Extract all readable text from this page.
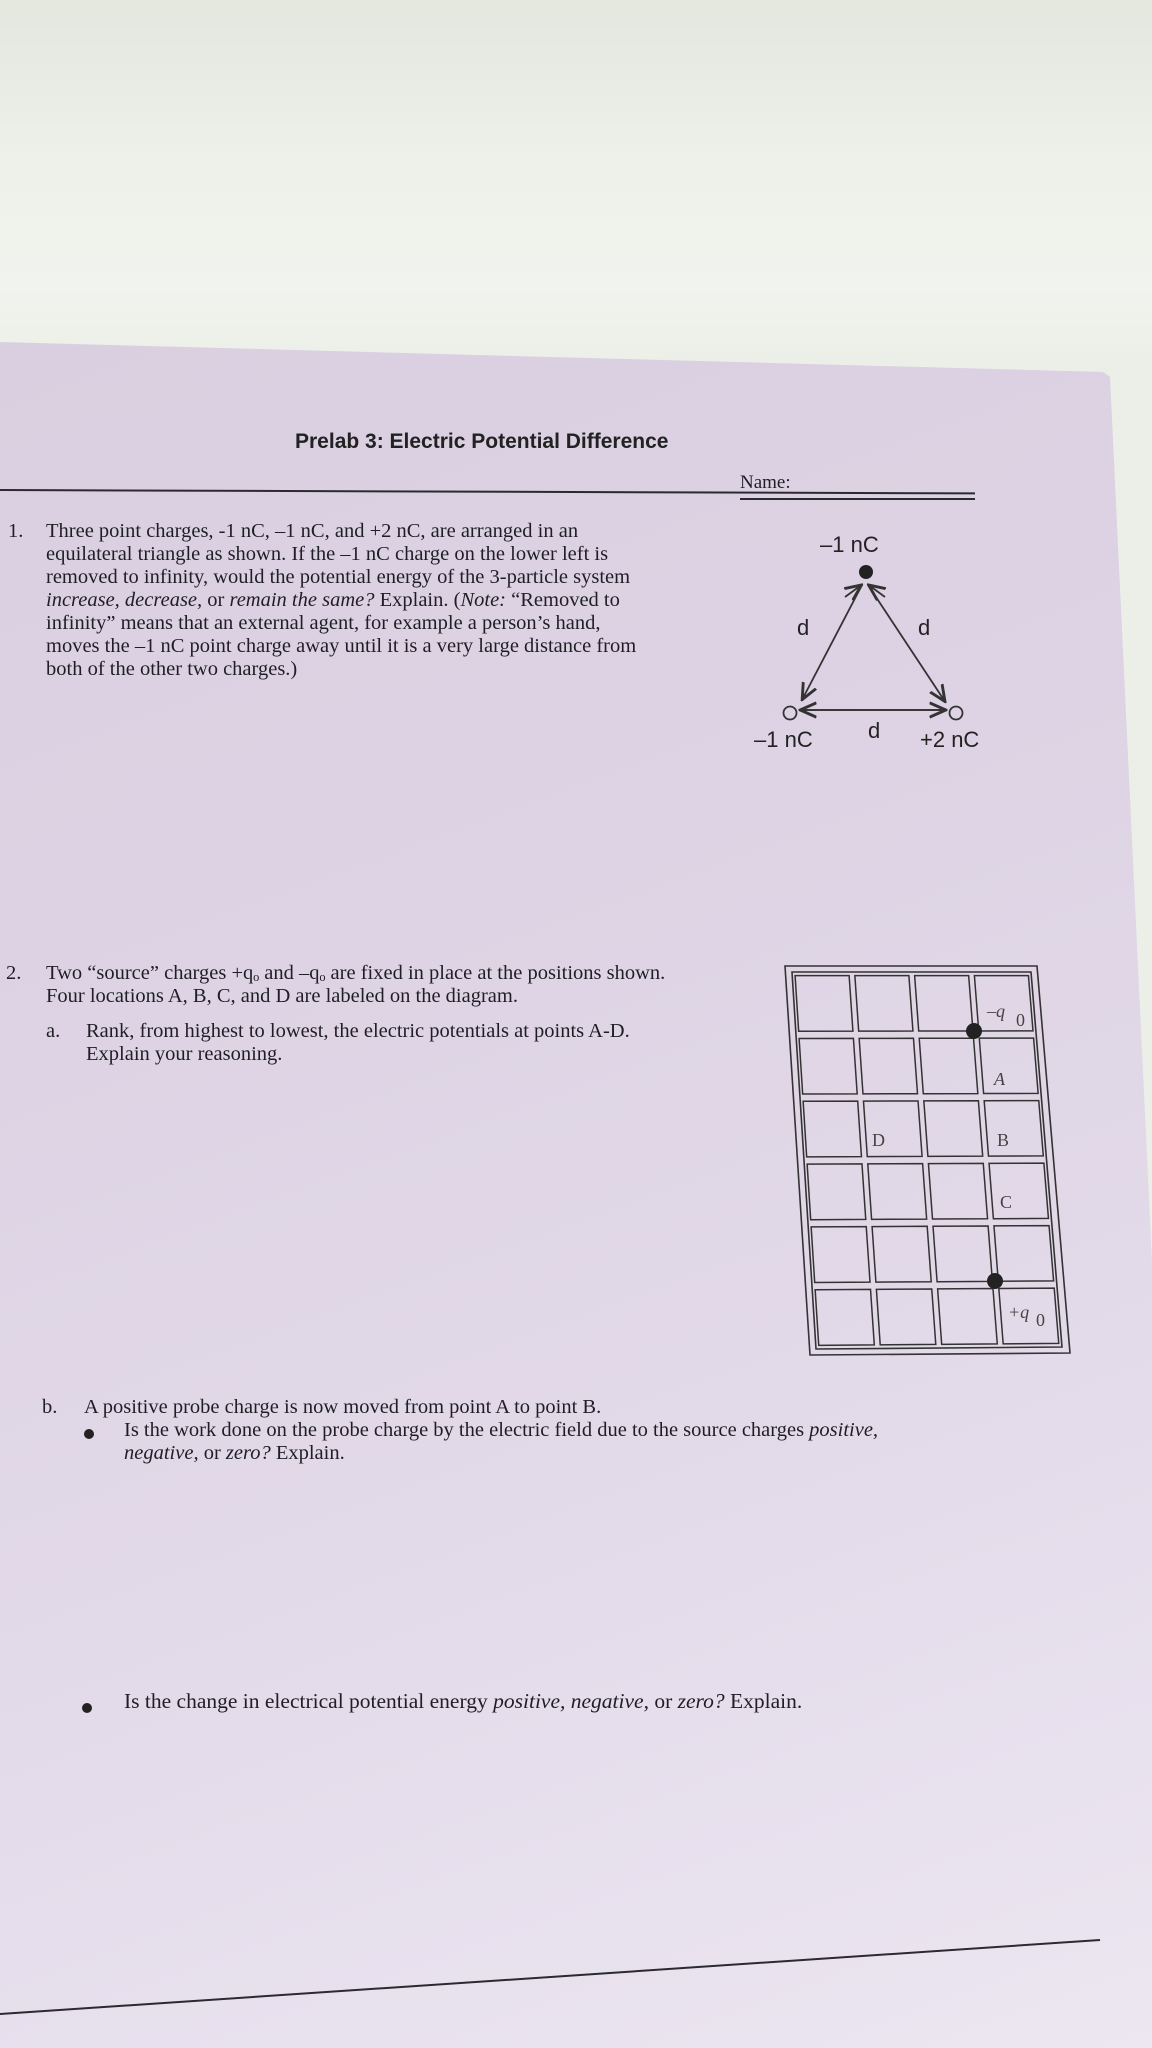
Prelab 3: Electric Potential Difference
Name:
1. Three point charges, -1 nC, –1 nC, and +2 nC, are arranged in an
equilateral triangle as shown. If the –1 nC charge on the lower left is
removed to infinity, would the potential energy of the 3-particle system
increase, decrease, or remain the same? Explain. (Note: “Removed to
infinity” means that an external agent, for example a person’s hand,
moves the –1 nC point charge away until it is a very large distance from
both of the other two charges.)
–1 nC
d	d
d
–1 nC	+2 nC
2. Two “source” charges +qₒ and –qₒ are fixed in place at the positions shown.
Four locations A, B, C, and D are labeled on the diagram.
a. Rank, from highest to lowest, the electric potentials at points A-D.
Explain your reasoning.
–q 0
+q 0
A
B
C
D
b. A positive probe charge is now moved from point A to point B.
Is the work done on the probe charge by the electric field due to the source charges positive,
negative, or zero? Explain.
Is the change in electrical potential energy positive, negative, or zero? Explain.
